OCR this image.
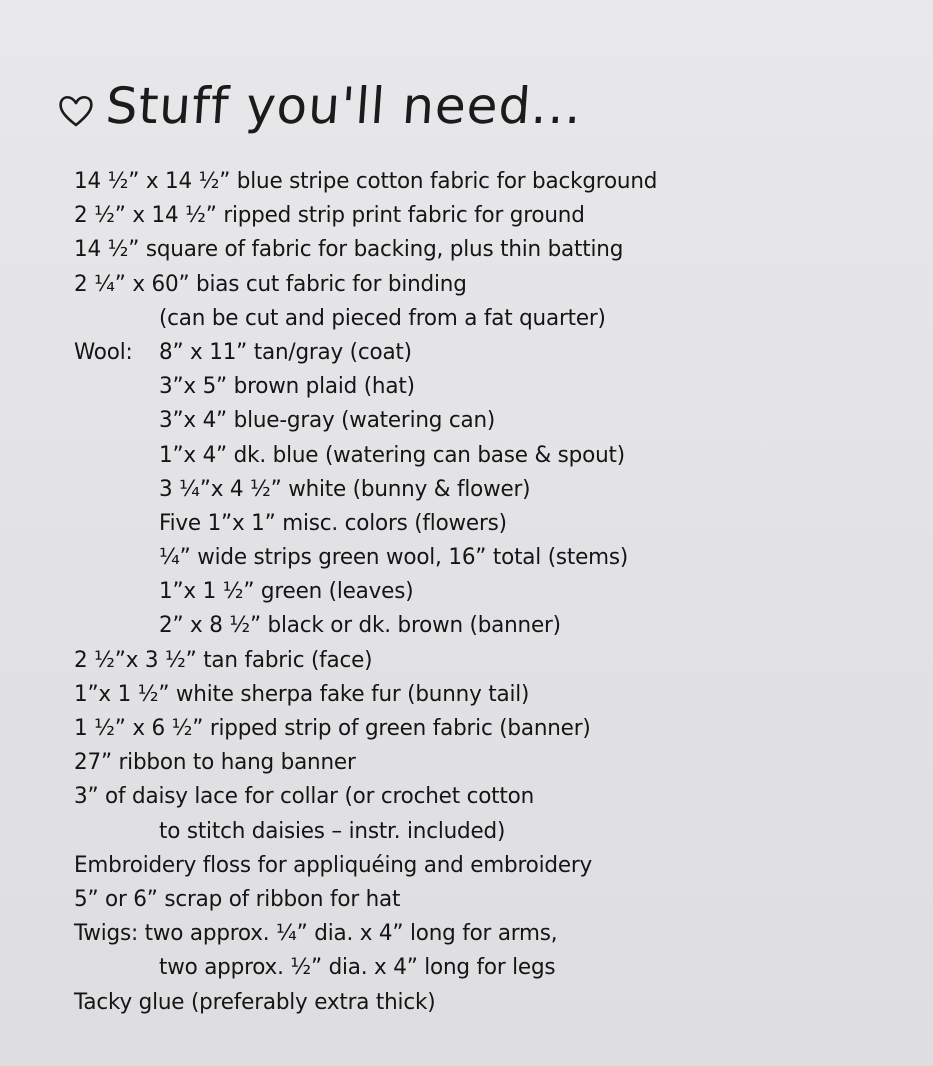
Stuff you'll need...
14 ½” x 14 ½” blue stripe cotton fabric for background
2 ½” x 14 ½” ripped strip print fabric for ground
14 ½” square of fabric for backing, plus thin batting
2 ¼” x 60” bias cut fabric for binding
(can be cut and pieced from a fat quarter)
Wool: 8” x 11” tan/gray (coat)
3”x 5” brown plaid (hat)
3”x 4” blue-gray (watering can)
1”x 4” dk. blue (watering can base & spout)
3 ¼”x 4 ½” white (bunny & flower)
Five 1”x 1” misc. colors (flowers)
¼” wide strips green wool, 16” total (stems)
1”x 1 ½” green (leaves)
2” x 8 ½” black or dk. brown (banner)
2 ½”x 3 ½” tan fabric (face)
1”x 1 ½” white sherpa fake fur (bunny tail)
1 ½” x 6 ½” ripped strip of green fabric (banner)
27” ribbon to hang banner
3” of daisy lace for collar (or crochet cotton
to stitch daisies – instr. included)
Embroidery floss for appliquéing and embroidery
5” or 6” scrap of ribbon for hat
Twigs: two approx. ¼” dia. x 4” long for arms,
two approx. ½” dia. x 4” long for legs
Tacky glue (preferably extra thick)
